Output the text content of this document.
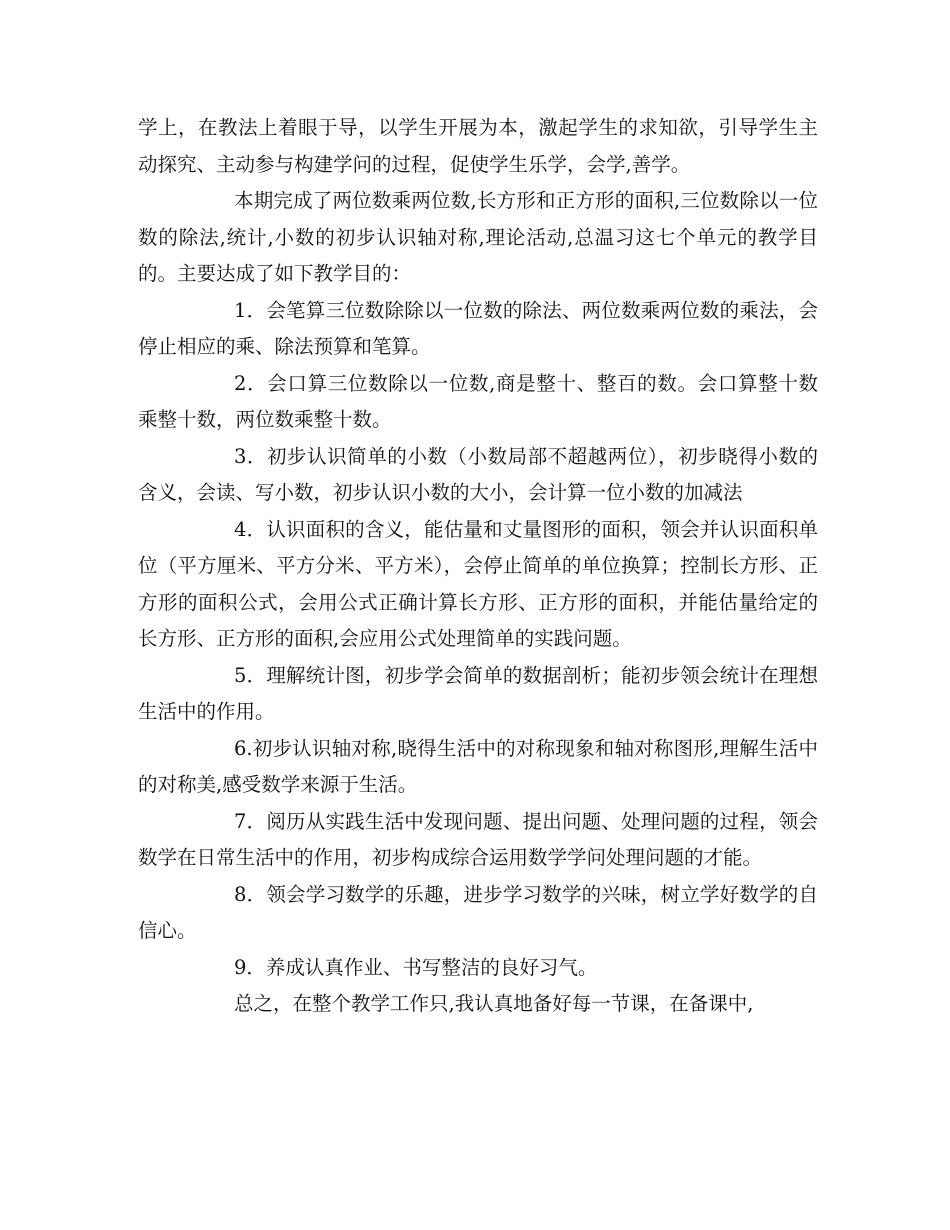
学上，在教法上着眼于导，以学生开展为本，激起学生的求知欲，引导学生主动探究、主动参与构建学问的过程，促使学生乐学，会学,善学。

本期完成了两位数乘两位数,长方形和正方形的面积,三位数除以一位数的除法,统计,小数的初步认识轴对称,理论活动,总温习这七个单元的教学目的。主要达成了如下教学目的：

1．会笔算三位数除除以一位数的除法、两位数乘两位数的乘法，会停止相应的乘、除法预算和笔算。

2．会口算三位数除以一位数,商是整十、整百的数。会口算整十数乘整十数，两位数乘整十数。

3．初步认识简单的小数（小数局部不超越两位），初步晓得小数的含义，会读、写小数，初步认识小数的大小，会计算一位小数的加减法

4．认识面积的含义，能估量和丈量图形的面积，领会并认识面积单位（平方厘米、平方分米、平方米），会停止简单的单位换算；控制长方形、正方形的面积公式，会用公式正确计算长方形、正方形的面积，并能估量给定的长方形、正方形的面积,会应用公式处理简单的实践问题。

5．理解统计图，初步学会简单的数据剖析；能初步领会统计在理想生活中的作用。

6.初步认识轴对称,晓得生活中的对称现象和轴对称图形,理解生活中的对称美,感受数学来源于生活。

7．阅历从实践生活中发现问题、提出问题、处理问题的过程，领会数学在日常生活中的作用，初步构成综合运用数学学问处理问题的才能。

8．领会学习数学的乐趣，进步学习数学的兴味，树立学好数学的自信心。

9．养成认真作业、书写整洁的良好习气。

总之，在整个教学工作只,我认真地备好每一节课，在备课中,
